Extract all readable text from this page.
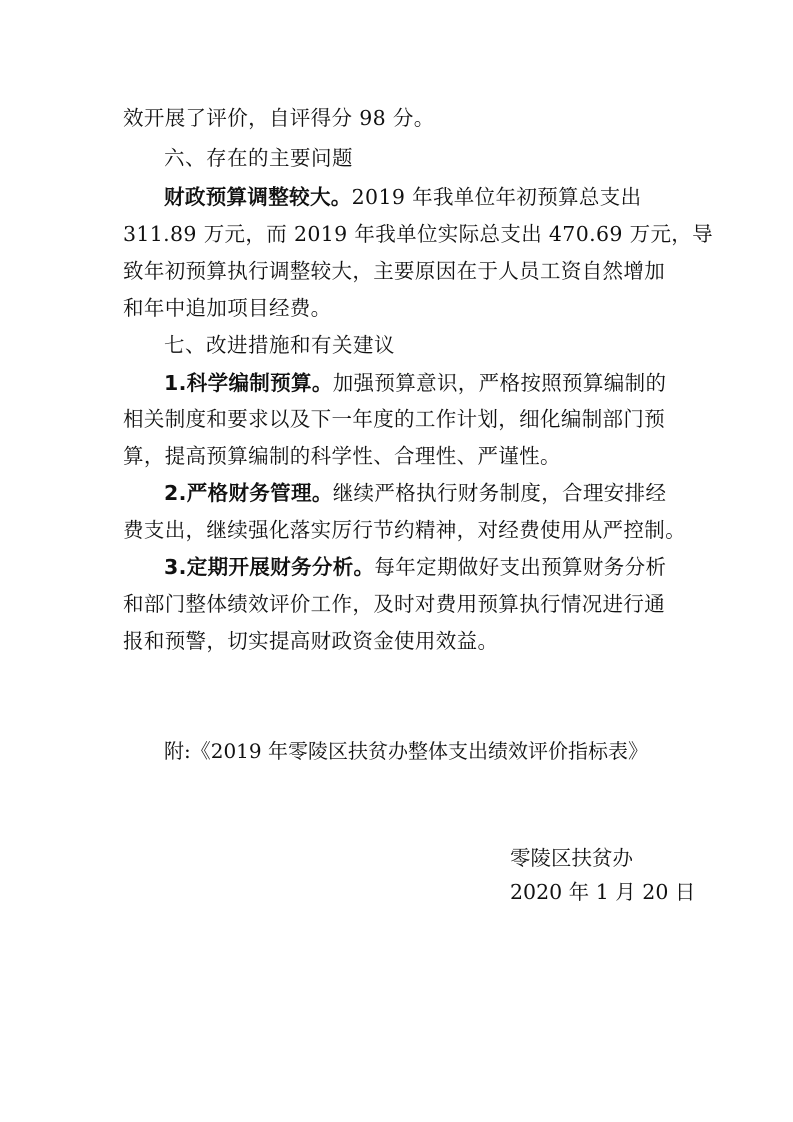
效开展了评价，自评得分 98 分。
六、存在的主要问题
财政预算调整较大。2019 年我单位年初预算总支出
311.89 万元，而 2019 年我单位实际总支出 470.69 万元，导
致年初预算执行调整较大，主要原因在于人员工资自然增加
和年中追加项目经费。
七、改进措施和有关建议
1.科学编制预算。加强预算意识，严格按照预算编制的
相关制度和要求以及下一年度的工作计划，细化编制部门预
算，提高预算编制的科学性、合理性、严谨性。
2.严格财务管理。继续严格执行财务制度，合理安排经
费支出，继续强化落实厉行节约精神，对经费使用从严控制。
3.定期开展财务分析。每年定期做好支出预算财务分析
和部门整体绩效评价工作，及时对费用预算执行情况进行通
报和预警，切实提高财政资金使用效益。
附:《2019 年零陵区扶贫办整体支出绩效评价指标表》
零陵区扶贫办
2020 年 1 月 20 日
